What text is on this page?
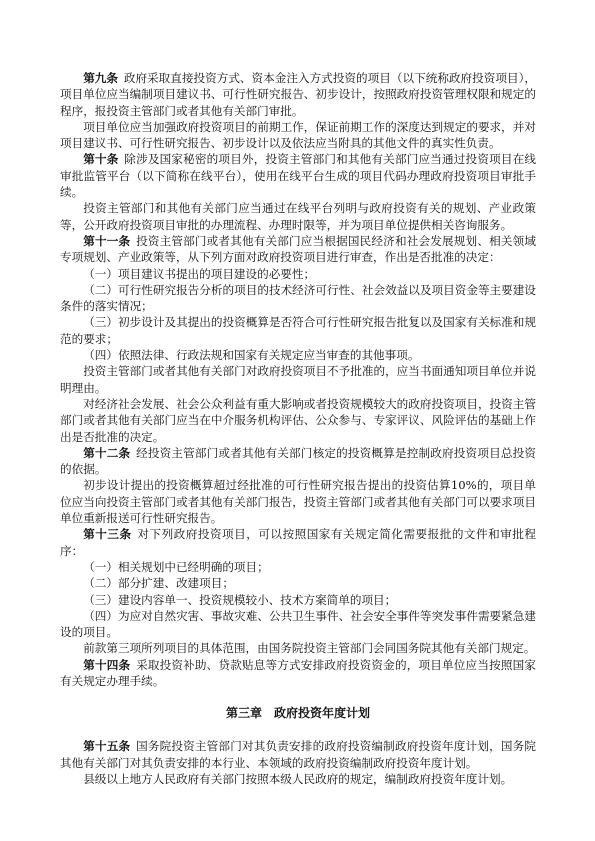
第九条 政府采取直接投资方式、资本金注入方式投资的项目（以下统称政府投资项目），项目单位应当编制项目建议书、可行性研究报告、初步设计，按照政府投资管理权限和规定的程序，报投资主管部门或者其他有关部门审批。

项目单位应当加强政府投资项目的前期工作，保证前期工作的深度达到规定的要求，并对项目建议书、可行性研究报告、初步设计以及依法应当附具的其他文件的真实性负责。

第十条 除涉及国家秘密的项目外，投资主管部门和其他有关部门应当通过投资项目在线审批监管平台（以下简称在线平台），使用在线平台生成的项目代码办理政府投资项目审批手续。

投资主管部门和其他有关部门应当通过在线平台列明与政府投资有关的规划、产业政策等，公开政府投资项目审批的办理流程、办理时限等，并为项目单位提供相关咨询服务。

第十一条 投资主管部门或者其他有关部门应当根据国民经济和社会发展规划、相关领域专项规划、产业政策等，从下列方面对政府投资项目进行审查，作出是否批准的决定：

（一）项目建议书提出的项目建设的必要性；

（二）可行性研究报告分析的项目的技术经济可行性、社会效益以及项目资金等主要建设条件的落实情况；

（三）初步设计及其提出的投资概算是否符合可行性研究报告批复以及国家有关标准和规范的要求；

（四）依照法律、行政法规和国家有关规定应当审查的其他事项。

投资主管部门或者其他有关部门对政府投资项目不予批准的，应当书面通知项目单位并说明理由。

对经济社会发展、社会公众利益有重大影响或者投资规模较大的政府投资项目，投资主管部门或者其他有关部门应当在中介服务机构评估、公众参与、专家评议、风险评估的基础上作出是否批准的决定。

第十二条 经投资主管部门或者其他有关部门核定的投资概算是控制政府投资项目总投资的依据。

初步设计提出的投资概算超过经批准的可行性研究报告提出的投资估算10%的，项目单位应当向投资主管部门或者其他有关部门报告，投资主管部门或者其他有关部门可以要求项目单位重新报送可行性研究报告。

第十三条 对下列政府投资项目，可以按照国家有关规定简化需要报批的文件和审批程序：

（一）相关规划中已经明确的项目；

（二）部分扩建、改建项目；

（三）建设内容单一、投资规模较小、技术方案简单的项目；

（四）为应对自然灾害、事故灾难、公共卫生事件、社会安全事件等突发事件需要紧急建设的项目。

前款第三项所列项目的具体范围，由国务院投资主管部门会同国务院其他有关部门规定。

第十四条 采取投资补助、贷款贴息等方式安排政府投资资金的，项目单位应当按照国家有关规定办理手续。

第三章　政府投资年度计划

第十五条 国务院投资主管部门对其负责安排的政府投资编制政府投资年度计划，国务院其他有关部门对其负责安排的本行业、本领域的政府投资编制政府投资年度计划。

县级以上地方人民政府有关部门按照本级人民政府的规定，编制政府投资年度计划。
